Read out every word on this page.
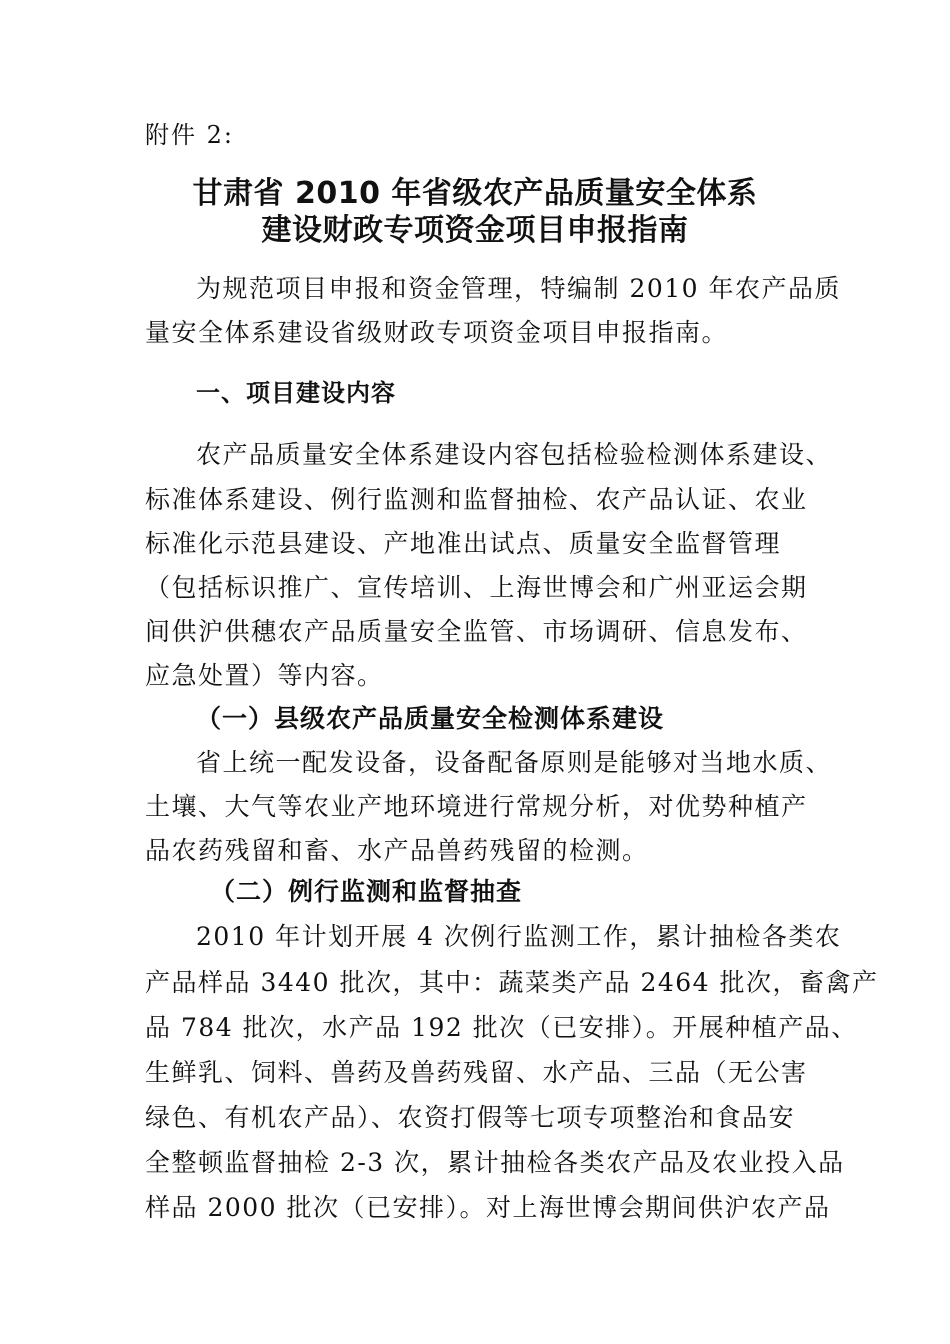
附件 2:
甘肃省 2010 年省级农产品质量安全体系
建设财政专项资金项目申报指南
为规范项目申报和资金管理，特编制 2010 年农产品质
量安全体系建设省级财政专项资金项目申报指南。
一、项目建设内容
农产品质量安全体系建设内容包括检验检测体系建设、
标准体系建设、例行监测和监督抽检、农产品认证、农业
标准化示范县建设、产地准出试点、质量安全监督管理
（包括标识推广、宣传培训、上海世博会和广州亚运会期
间供沪供穗农产品质量安全监管、市场调研、信息发布、
应急处置）等内容。
（一）县级农产品质量安全检测体系建设
省上统一配发设备，设备配备原则是能够对当地水质、
土壤、大气等农业产地环境进行常规分析，对优势种植产
品农药残留和畜、水产品兽药残留的检测。
（二）例行监测和监督抽查
2010 年计划开展 4 次例行监测工作，累计抽检各类农
产品样品 3440 批次，其中：蔬菜类产品 2464 批次，畜禽产
品 784 批次，水产品 192 批次（已安排）。开展种植产品、
生鲜乳、饲料、兽药及兽药残留、水产品、三品（无公害
绿色、有机农产品）、农资打假等七项专项整治和食品安
全整顿监督抽检 2-3 次，累计抽检各类农产品及农业投入品
样品 2000 批次（已安排）。对上海世博会期间供沪农产品
